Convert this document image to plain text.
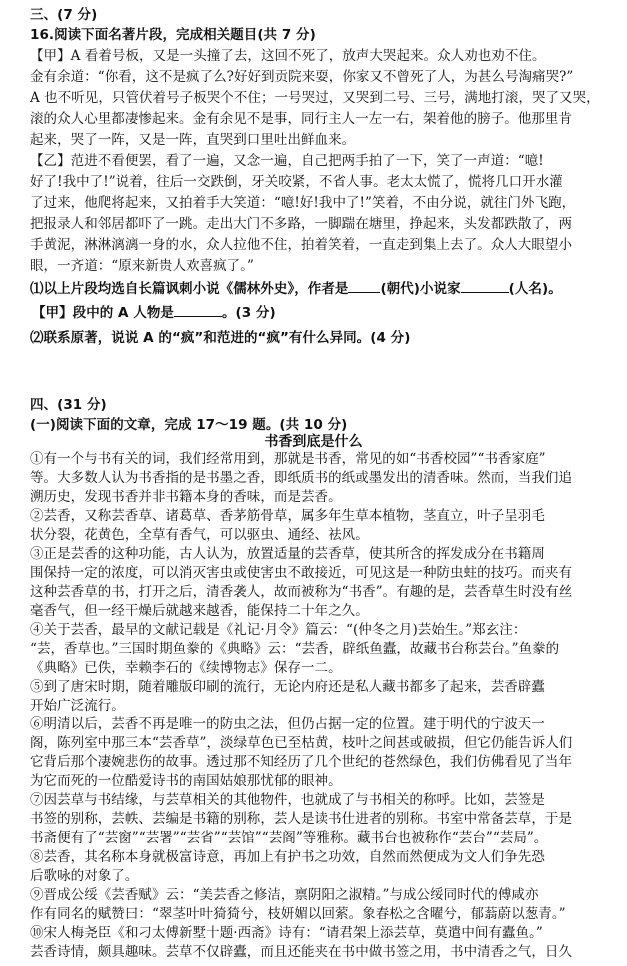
三、(7 分)
16.阅读下面名著片段，完成相关题目(共 7 分)
【甲】A 看着号板，又是一头撞了去，这回不死了，放声大哭起来。众人劝也劝不住。
金有余道：“你看，这不是疯了么?好好到贡院来耍，你家又不曾死了人，为甚么号淘痛哭?”
A 也不听见，只管伏着号子板哭个不住；一号哭过，又哭到二号、三号，满地打滚，哭了又哭，
滚的众人心里都凄惨起来。金有余见不是事，同行主人一左一右，架着他的膀子。他那里肯
起来，哭了一阵，又是一阵，直哭到口里吐出鲜血来。
【乙】范进不看便罢，看了一遍，又念一遍，自己把两手拍了一下，笑了一声道：“噫!
好了!我中了!”说着，往后一交跌倒，牙关咬紧，不省人事。老太太慌了，慌将几口开水灌
了过来，他爬将起来，又拍着手大笑道：“噫!好!我中了!”笑着，不由分说，就往门外飞跑，
把报录人和邻居都吓了一跳。走出大门不多路，一脚踹在塘里，挣起来，头发都跌散了，两
手黄泥，淋淋漓漓一身的水，众人拉他不住，拍着笑着，一直走到集上去了。众人大眼望小
眼，一齐道：“原来新贵人欢喜疯了。”
⑴以上片段均选自长篇讽刺小说《儒林外史》，作者是 (朝代)小说家	(人名)。
【甲】段中的 A 人物是	。(3 分)
⑵联系原著，说说 A 的“疯”和范进的“疯”有什么异同。(4 分)
四、(31 分)
(一)阅读下面的文章，完成 17～19 题。(共 10 分)
书香到底是什么
①有一个与书有关的词，我们经常用到，那就是书香，常见的如“书香校园”“书香家庭”
等。大多数人认为书香指的是书墨之香，即纸质书的纸或墨发出的清香味。然而，当我们追
溯历史，发现书香并非书籍本身的香味，而是芸香。
②芸香，又称芸香草、诸葛草、香茅筋骨草，属多年生草本植物，茎直立，叶子呈羽毛
状分裂，花黄色，全草有香气，可以驱虫、通经、祛风。
③正是芸香的这种功能，古人认为，放置适量的芸香草，使其所含的挥发成分在书籍周
围保持一定的浓度，可以消灭害虫或使害虫不敢接近，可见这是一种防虫蛀的技巧。而夹有
这种芸香草的书，打开之后，清香袭人，故而被称为“书香”。有趣的是，芸香草生时没有丝
毫香气，但一经干燥后就越来越香，能保持二十年之久。
④关于芸香，最早的文献记载是《礼记·月令》篇云：“(仲冬之月)芸始生。”郑玄注：
“芸，香草也。”三国时期鱼豢的《典略》云：“芸香，辟纸鱼蠹，故藏书台称芸台。”鱼豢的
《典略》已佚，幸赖李石的《续博物志》保存一二。
⑤到了唐宋时期，随着雕版印刷的流行，无论内府还是私人藏书都多了起来，芸香辟蠹
开始广泛流行。
⑥明清以后，芸香不再是唯一的防虫之法，但仍占据一定的位置。建于明代的宁波天一
阁，陈列室中那三本“芸香草”，淡绿草色已至枯黄，枝叶之间甚或破损，但它仍能告诉人们
它背后那个凄婉悲伤的故事。透过那不知经历了几个世纪的苍然绿色，我们仿佛看见了当年
为它而死的一位酷爱诗书的南国姑娘那忧郁的眼神。
⑦因芸草与书结缘，与芸草相关的其他物件，也就成了与书相关的称呼。比如，芸签是
书签的别称，芸帙、芸编是书籍的别称，芸人是读书仕进者的别称。书室中常备芸草，于是
书斋便有了“芸窗”“芸署”“芸省”“芸馆”“芸阁”等雅称。藏书台也被称作“芸台”“芸局”。
⑧芸香，其名称本身就极富诗意，再加上有护书之功效，自然而然便成为文人们争先恐
后歌咏的对象了。
⑨晋成公绥《芸香赋》云：“美芸香之修洁，禀阴阳之淑精。”与成公绥同时代的傅咸亦
作有同名的赋赞曰：“翠茎叶叶猗猗兮，枝妍媚以回萦。象春松之含曜兮，郁蓊蔚以葱青。”
⑩宋人梅尧臣《和刁太傅新墅十题·西斋》诗有：“请君架上添芸草，莫遣中间有蠹鱼。”
芸香诗情，颇具趣味。芸草不仅辟蠹，而且还能夹在书中做书签之用，书中清香之气，日久
